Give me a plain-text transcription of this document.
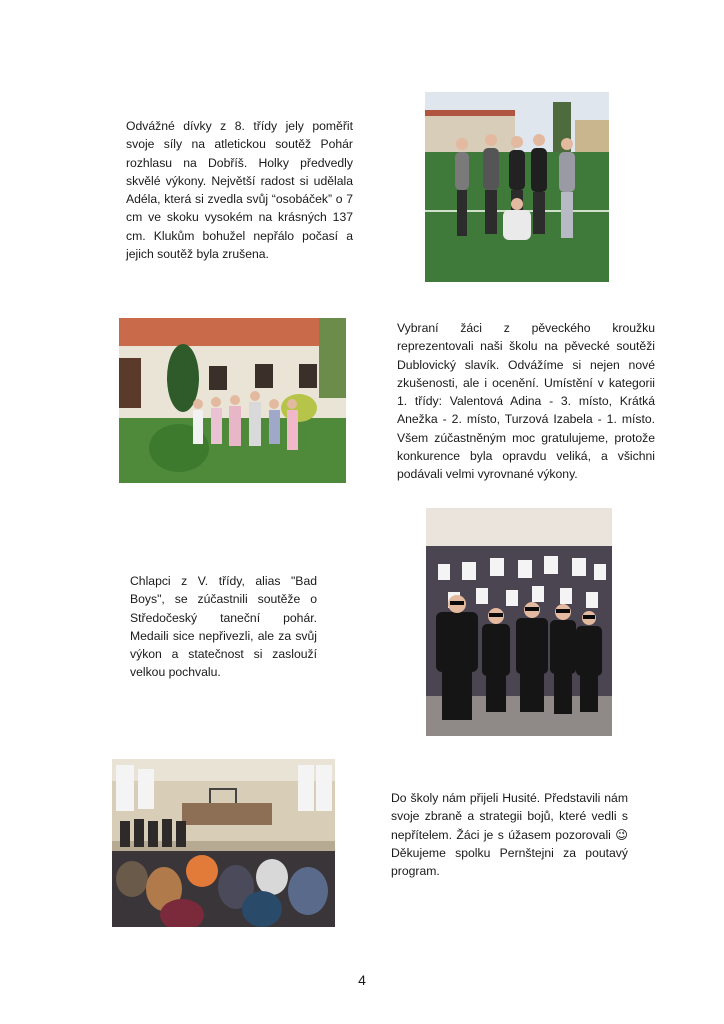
Odvážné dívky z 8. třídy jely poměřit svoje síly na atletickou soutěž Pohár rozhlasu na Dobříš. Holky předvedly skvělé výkony. Největší radost si udělala Adéla, která si zvedla svůj “osobáček” o 7 cm ve skoku vysokém na krásných 137 cm. Klukům bohužel nepřálo počasí a jejich soutěž byla zrušena.

Vybraní žáci z pěveckého kroužku reprezentovali naši školu na pěvecké soutěži Dublovický slavík. Odvážíme si nejen nové zkušenosti, ale i ocenění. Umístění v kategorii 1. třídy: Valentová Adina - 3. místo, Krátká Anežka - 2. místo, Turzová Izabela - 1. místo. Všem zúčastněným moc gratulujeme, protože konkurence byla opravdu veliká, a všichni podávali velmi vyrovnané výkony.

Chlapci z V. třídy, alias "Bad Boys", se zúčastnili soutěže o Středočeský taneční pohár. Medaili sice nepřivezli, ale za svůj výkon a statečnost si zaslouží velkou pochvalu.

Do školy nám přijeli Husité. Představili nám svoje zbraně a strategii bojů, které vedli s nepřítelem. Žáci je s úžasem pozorovali 😉 Děkujeme spolku Pernštejni za poutavý program.

4
